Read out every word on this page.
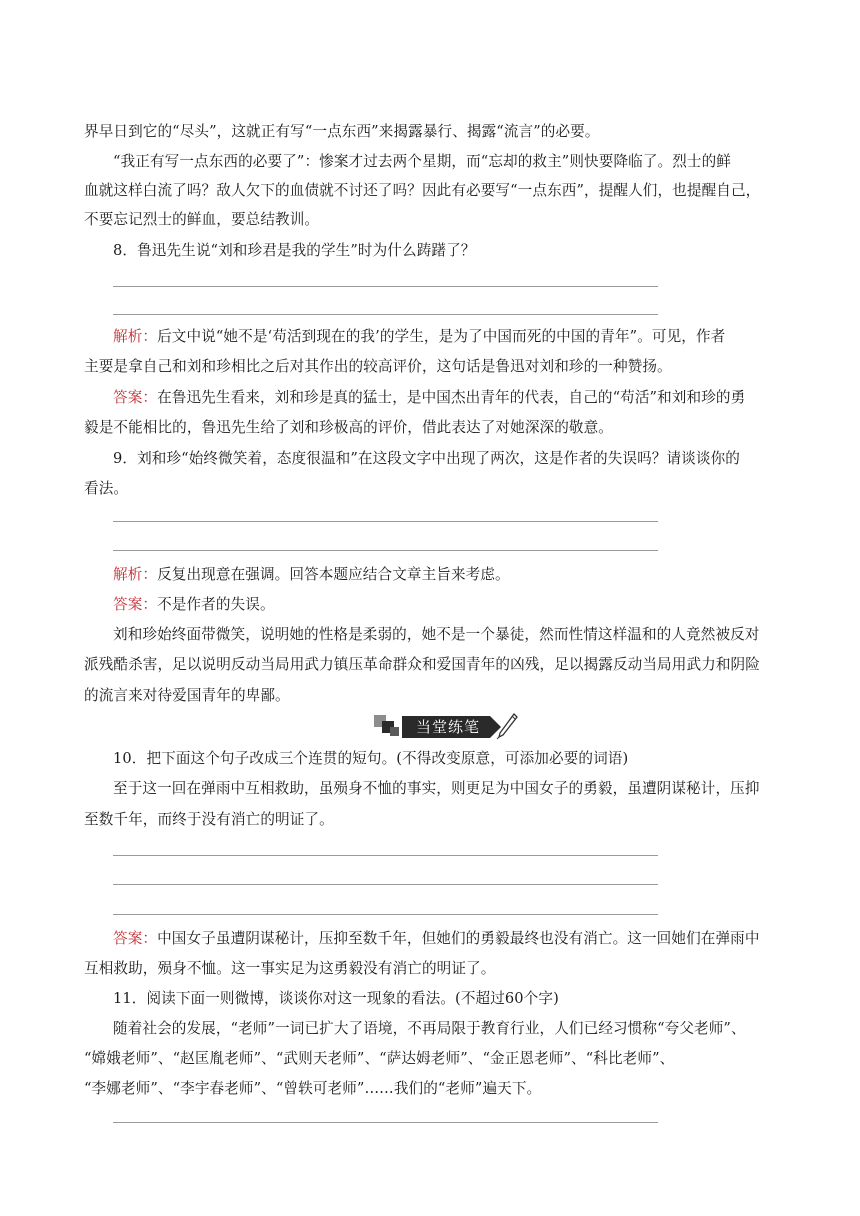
界早日到它的“尽头”，这就正有写“一点东西”来揭露暴行、揭露“流言”的必要。
“我正有写一点东西的必要了”：惨案才过去两个星期，而“忘却的救主”则快要降临了。烈士的鲜
血就这样白流了吗？敌人欠下的血债就不讨还了吗？因此有必要写“一点东西”，提醒人们，也提醒自己，
不要忘记烈士的鲜血，要总结教训。
8．鲁迅先生说“刘和珍君是我的学生”时为什么踌躇了？
解析：后文中说“她不是‘苟活到现在的我’的学生，是为了中国而死的中国的青年”。可见，作者
主要是拿自己和刘和珍相比之后对其作出的较高评价，这句话是鲁迅对刘和珍的一种赞扬。
答案：在鲁迅先生看来，刘和珍是真的猛士，是中国杰出青年的代表，自己的“苟活”和刘和珍的勇
毅是不能相比的，鲁迅先生给了刘和珍极高的评价，借此表达了对她深深的敬意。
9．刘和珍“始终微笑着，态度很温和”在这段文字中出现了两次，这是作者的失误吗？请谈谈你的
看法。
解析：反复出现意在强调。回答本题应结合文章主旨来考虑。
答案：不是作者的失误。
刘和珍始终面带微笑，说明她的性格是柔弱的，她不是一个暴徒，然而性情这样温和的人竟然被反对
派残酷杀害，足以说明反动当局用武力镇压革命群众和爱国青年的凶残，足以揭露反动当局用武力和阴险
的流言来对待爱国青年的卑鄙。
当堂练笔
10．把下面这个句子改成三个连贯的短句。(不得改变原意，可添加必要的词语)
至于这一回在弹雨中互相救助，虽殒身不恤的事实，则更足为中国女子的勇毅，虽遭阴谋秘计，压抑
至数千年，而终于没有消亡的明证了。
答案：中国女子虽遭阴谋秘计，压抑至数千年，但她们的勇毅最终也没有消亡。这一回她们在弹雨中
互相救助，殒身不恤。这一事实足为这勇毅没有消亡的明证了。
11．阅读下面一则微博，谈谈你对这一现象的看法。(不超过60个字)
随着社会的发展，“老师”一词已扩大了语境，不再局限于教育行业，人们已经习惯称“夸父老师”、
“嫦娥老师”、“赵匡胤老师”、“武则天老师”、“萨达姆老师”、“金正恩老师”、“科比老师”、
“李娜老师”、“李宇春老师”、“曾轶可老师”……我们的“老师”遍天下。
